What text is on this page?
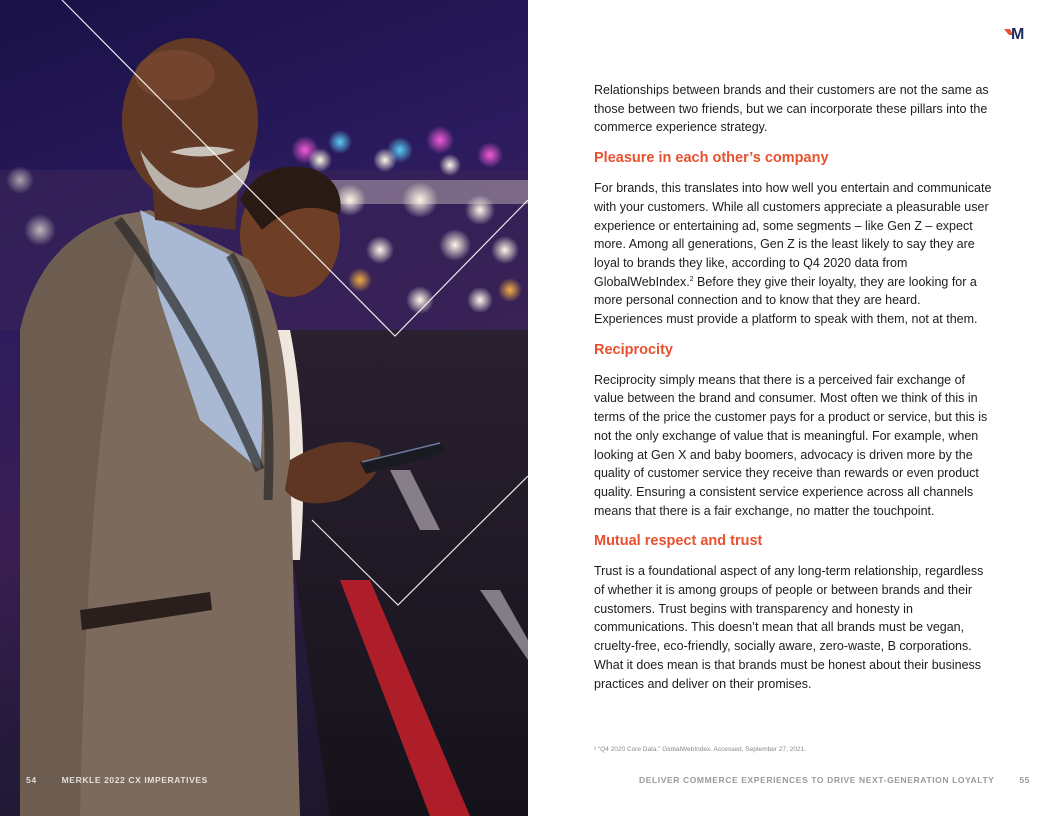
54	MERKLE 2022 CX IMPERATIVES
M

Relationships between brands and their customers are not the same as those between two friends, but we can incorporate these pillars into the commerce experience strategy.

Pleasure in each other’s company

For brands, this translates into how well you entertain and communicate with your customers. While all customers appreciate a pleasurable user experience or entertaining ad, some segments – like Gen Z – expect more. Among all generations, Gen Z is the least likely to say they are loyal to brands they like, according to Q4 2020 data from GlobalWebIndex.$^2$ Before they give their loyalty, they are looking for a more personal connection and to know that they are heard. Experiences must provide a platform to speak with them, not at them.

Reciprocity

Reciprocity simply means that there is a perceived fair exchange of value between the brand and consumer. Most often we think of this in terms of the price the customer pays for a product or service, but this is not the only exchange of value that is meaningful. For example, when looking at Gen X and baby boomers, advocacy is driven more by the quality of customer service they receive than rewards or even product quality. Ensuring a consistent service experience across all channels means that there is a fair exchange, no matter the touchpoint.

Mutual respect and trust

Trust is a foundational aspect of any long-term relationship, regardless of whether it is among groups of people or between brands and their customers. Trust begins with transparency and honesty in communications. This doesn’t mean that all brands must be vegan, cruelty-free, eco-friendly, socially aware, zero-waste, B corporations. What it does mean is that brands must be honest about their business practices and deliver on their promises.

² “Q4 2020 Core Data.” GlobalWebIndex. Accessed, September 27, 2021.
DELIVER COMMERCE EXPERIENCES TO DRIVE NEXT-GENERATION LOYALTY	55
